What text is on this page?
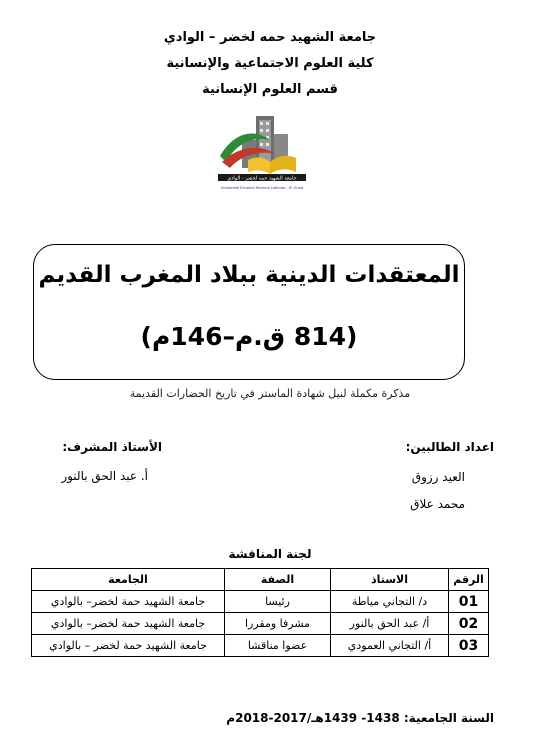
جامعة الشهيد حمه لخضر – الوادي
كلية العلوم الاجتماعية والإنسانية
قسم العلوم الإنسانية
جامعة الشهيد حمه لخضر - الوادي
Université Echahid Hamma Lakhdar - El Oued
المعتقدات الدينية ببلاد المغرب القديم
(814 ق.م–146م)
مذكرة مكملة لنيل شهادة الماستر في تاريخ الحضارات القديمة
اعداد الطالبين:
العيد رزوق
محمد علاق
الأستاذ المشرف:
أ. عبد الحق بالنور
لجنة المناقشة
الرقم	الاستاذ	الصفة	الجامعة
01	د/ التجاني مياطة	رئيسا	جامعة الشهيد حمة لخضر– بالوادي
02	أ/ عبد الحق بالنور	مشرفا ومقررا	جامعة الشهيد حمة لخضر– بالوادي
03	أ/ التجاني العمودي	عضوا مناقشا	جامعة الشهيد حمة لخضر – بالوادي
السنة الجامعية: 1438- 1439هـ/2017-2018م
